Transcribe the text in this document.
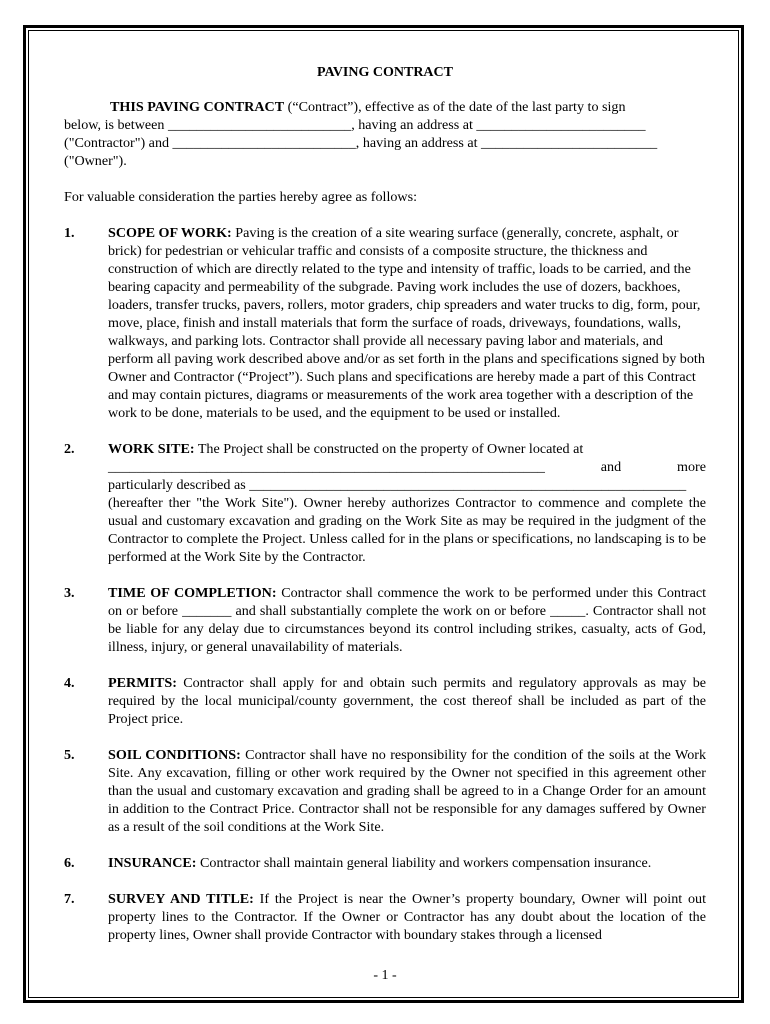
PAVING CONTRACT

THIS PAVING CONTRACT (“Contract”), effective as of the date of the last party to sign

below, is between __________________________, having an address at ________________________

("Contractor") and __________________________, having an address at _________________________

("Owner").

For valuable consideration the parties hereby agree as follows:

1.	SCOPE OF WORK: Paving is the creation of a site wearing surface (generally, concrete, asphalt, or brick) for pedestrian or vehicular traffic and consists of a composite structure, the thickness and construction of which are directly related to the type and intensity of traffic, loads to be carried, and the bearing capacity and permeability of the subgrade. Paving work includes the use of dozers, backhoes, loaders, transfer trucks, pavers, rollers, motor graders, chip spreaders and water trucks to dig, form, pour, move, place, finish and install materials that form the surface of roads, driveways, foundations, walls, walkways, and parking lots. Contractor shall provide all necessary paving labor and materials, and perform all paving work described above and/or as set forth in the plans and specifications signed by both Owner and Contractor (“Project”). Such plans and specifications are hereby made a part of this Contract and may contain pictures, diagrams or measurements of the work area together with a description of the work to be done, materials to be used, and the equipment to be used or installed.
2.	WORK SITE: The Project shall be constructed on the property of Owner located at
______________________________________________________________ and more
particularly described as ______________________________________________________________
(hereafter ther "the Work Site"). Owner hereby authorizes Contractor to commence and complete the usual and customary excavation and grading on the Work Site as may be required in the judgment of the Contractor to complete the Project. Unless called for in the plans or specifications, no landscaping is to be performed at the Work Site by the Contractor.
3.	TIME OF COMPLETION: Contractor shall commence the work to be performed under this Contract on or before _______ and shall substantially complete the work on or before _____. Contractor shall not be liable for any delay due to circumstances beyond its control including strikes, casualty, acts of God, illness, injury, or general unavailability of materials.
4.	PERMITS: Contractor shall apply for and obtain such permits and regulatory approvals as may be required by the local municipal/county government, the cost thereof shall be included as part of the Project price.
5.	SOIL CONDITIONS: Contractor shall have no responsibility for the condition of the soils at the Work Site. Any excavation, filling or other work required by the Owner not specified in this agreement other than the usual and customary excavation and grading shall be agreed to in a Change Order for an amount in addition to the Contract Price. Contractor shall not be responsible for any damages suffered by Owner as a result of the soil conditions at the Work Site.
6.	INSURANCE: Contractor shall maintain general liability and workers compensation insurance.
7.	SURVEY AND TITLE: If the Project is near the Owner’s property boundary, Owner will point out property lines to the Contractor. If the Owner or Contractor has any doubt about the location of the property lines, Owner shall provide Contractor with boundary stakes through a licensed
- 1 -
